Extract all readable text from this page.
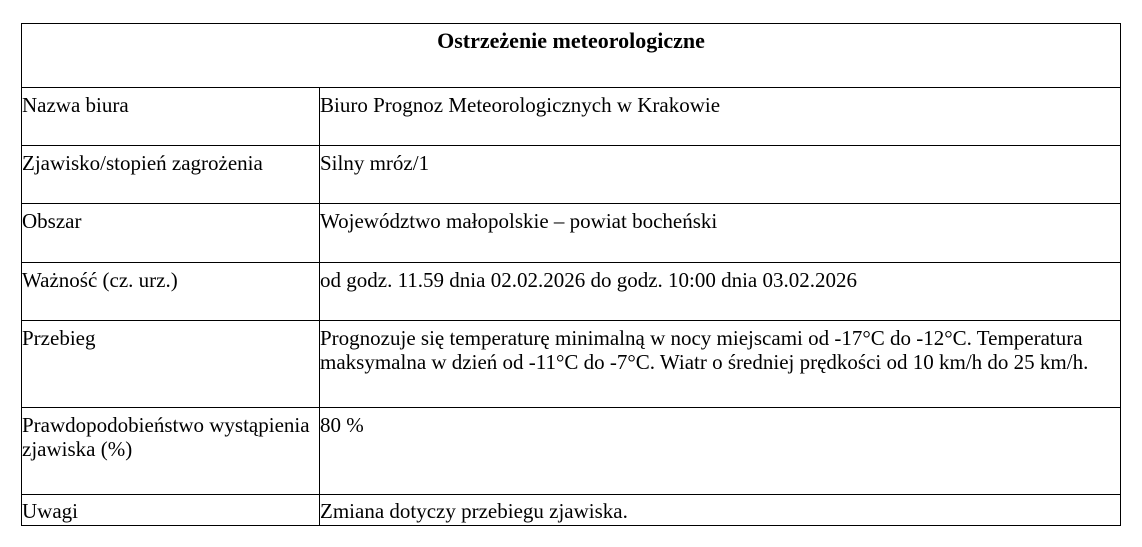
Ostrzeżenie meteorologiczne	
Nazwa biura	Biuro Prognoz Meteorologicznych w Krakowie
Zjawisko/stopień zagrożenia	Silny mróz/1
Obszar	Województwo małopolskie – powiat bocheński
Ważność (cz. urz.)	od godz. 11.59 dnia 02.02.2026 do godz. 10:00 dnia 03.02.2026
Przebieg	Prognozuje się temperaturę minimalną w nocy miejscami od -17°C do -12°C. Temperatura maksymalna w dzień od -11°C do -7°C. Wiatr o średniej prędkości od 10 km/h do 25 km/h.
Prawdopodobieństwo wystąpienia zjawiska (%)	80 %
Uwagi	Zmiana dotyczy przebiegu zjawiska.
